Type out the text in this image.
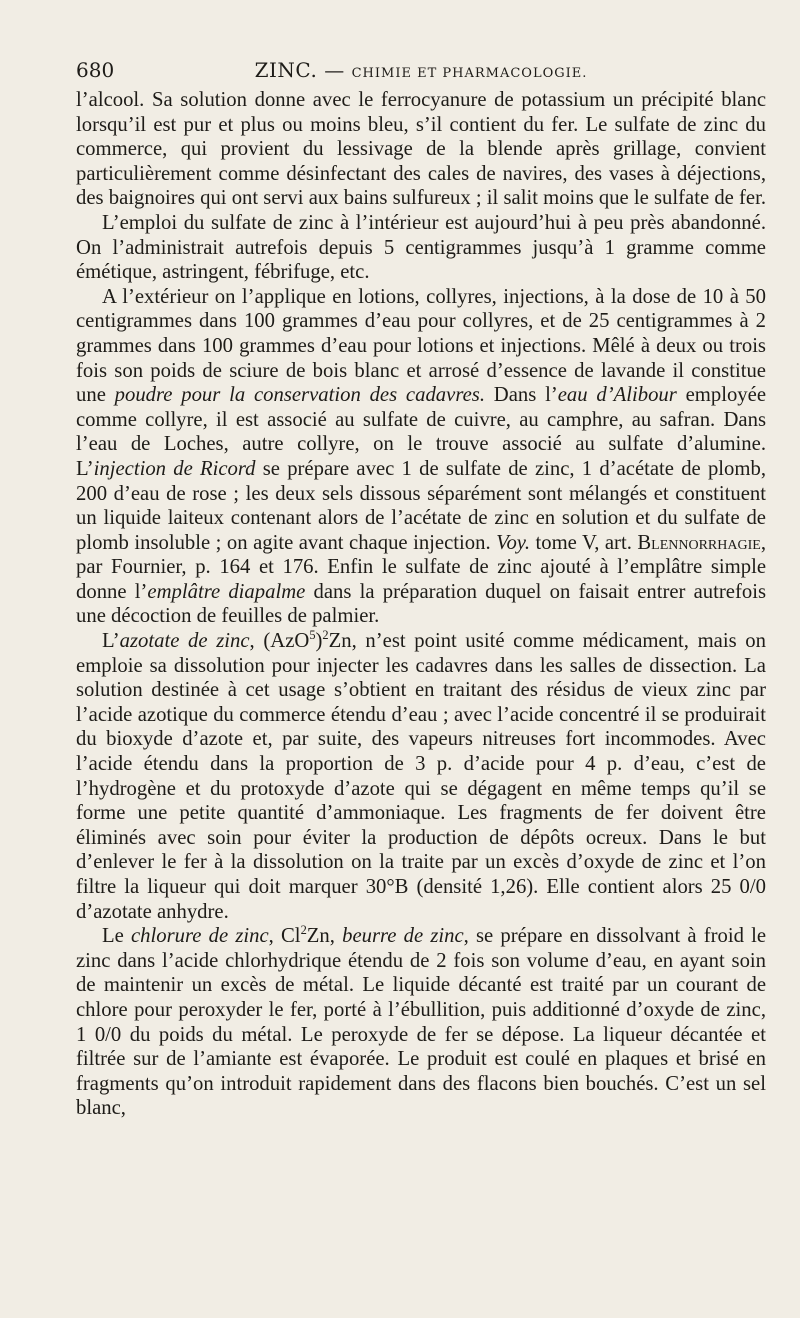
680	ZINC. — CHIMIE ET PHARMACOLOGIE.

l’alcool. Sa solution donne avec le ferrocyanure de potassium un précipité blanc lorsqu’il est pur et plus ou moins bleu, s’il contient du fer. Le sulfate de zinc du commerce, qui provient du lessivage de la blende après grillage, convient particulièrement comme désinfectant des cales de navires, des vases à déjections, des baignoires qui ont servi aux bains sulfureux ; il salit moins que le sulfate de fer.

L’emploi du sulfate de zinc à l’intérieur est aujourd’hui à peu près abandonné. On l’administrait autrefois depuis 5 centigrammes jusqu’à 1 gramme comme émétique, astringent, fébrifuge, etc.

A l’extérieur on l’applique en lotions, collyres, injections, à la dose de 10 à 50 centigrammes dans 100 grammes d’eau pour collyres, et de 25 centigrammes à 2 grammes dans 100 grammes d’eau pour lotions et injections. Mêlé à deux ou trois fois son poids de sciure de bois blanc et arrosé d’essence de lavande il constitue une poudre pour la conservation des cadavres. Dans l’eau d’Alibour employée comme collyre, il est associé au sulfate de cuivre, au camphre, au safran. Dans l’eau de Loches, autre collyre, on le trouve associé au sulfate d’alumine. L’injection de Ricord se prépare avec 1 de sulfate de zinc, 1 d’acétate de plomb, 200 d’eau de rose ; les deux sels dissous séparément sont mélangés et constituent un liquide laiteux contenant alors de l’acétate de zinc en solution et du sulfate de plomb insoluble ; on agite avant chaque injection. Voy. tome V, art. Blennorrhagie, par Fournier, p. 164 et 176. Enfin le sulfate de zinc ajouté à l’emplâtre simple donne l’emplâtre diapalme dans la préparation duquel on faisait entrer autrefois une décoction de feuilles de palmier.

L’azotate de zinc, $(AzO^5)^2Zn$, n’est point usité comme médicament, mais on emploie sa dissolution pour injecter les cadavres dans les salles de dissection. La solution destinée à cet usage s’obtient en traitant des résidus de vieux zinc par l’acide azotique du commerce étendu d’eau ; avec l’acide concentré il se produirait du bioxyde d’azote et, par suite, des vapeurs nitreuses fort incommodes. Avec l’acide étendu dans la proportion de 3 p. d’acide pour 4 p. d’eau, c’est de l’hydrogène et du protoxyde d’azote qui se dégagent en même temps qu’il se forme une petite quantité d’ammoniaque. Les fragments de fer doivent être éliminés avec soin pour éviter la production de dépôts ocreux. Dans le but d’enlever le fer à la dissolution on la traite par un excès d’oxyde de zinc et l’on filtre la liqueur qui doit marquer 30°B (densité 1,26). Elle contient alors 25 0/0 d’azotate anhydre.

Le chlorure de zinc, Cl$^2$Zn, beurre de zinc, se prépare en dissolvant à froid le zinc dans l’acide chlorhydrique étendu de 2 fois son volume d’eau, en ayant soin de maintenir un excès de métal. Le liquide décanté est traité par un courant de chlore pour peroxyder le fer, porté à l’ébullition, puis additionné d’oxyde de zinc, 1 0/0 du poids du métal. Le peroxyde de fer se dépose. La liqueur décantée et filtrée sur de l’amiante est évaporée. Le produit est coulé en plaques et brisé en fragments qu’on introduit rapidement dans des flacons bien bouchés. C’est un sel blanc,
